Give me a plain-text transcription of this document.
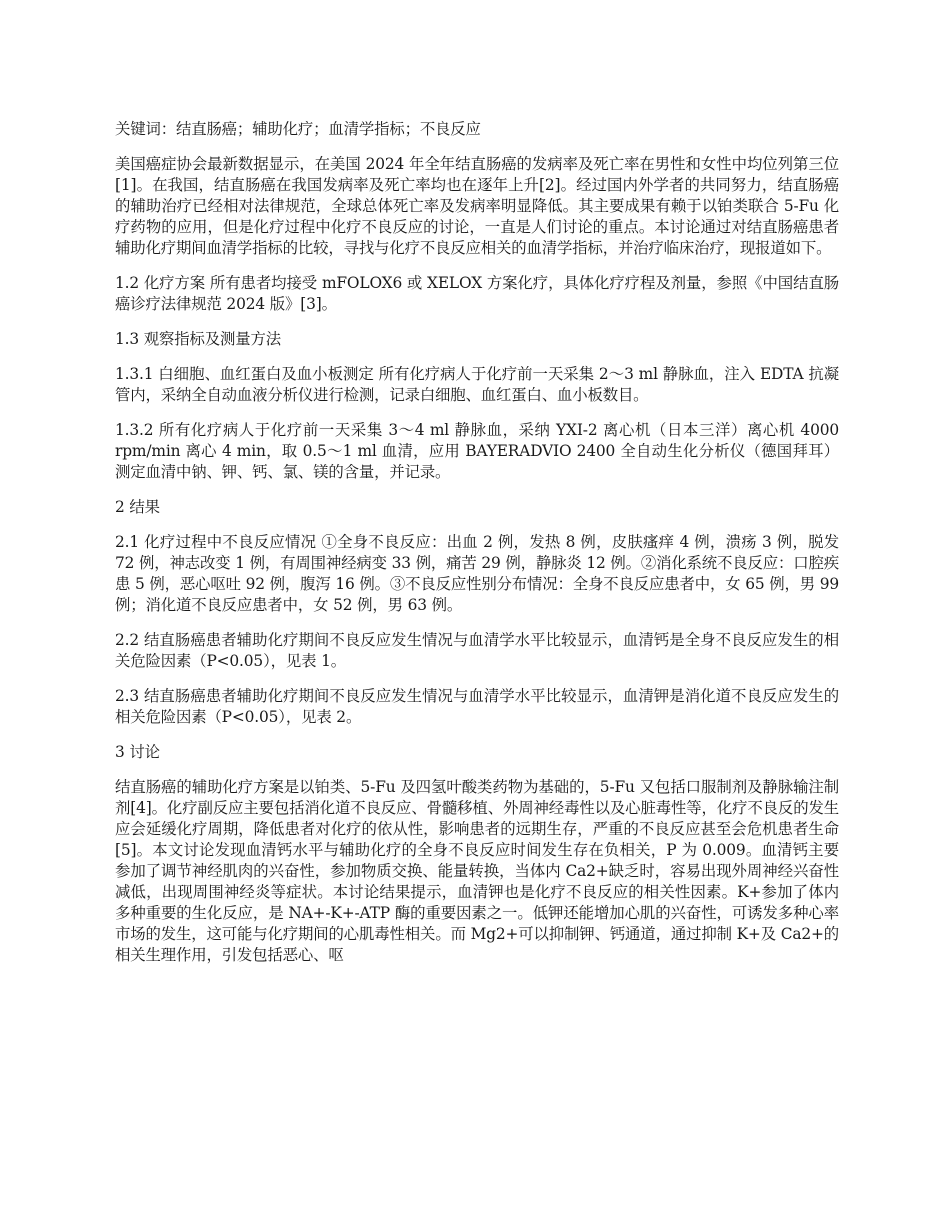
关键词：结直肠癌；辅助化疗；血清学指标；不良反应

美国癌症协会最新数据显示，在美国 2024 年全年结直肠癌的发病率及死亡率在男性和女性中均位列第三位[1]。在我国，结直肠癌在我国发病率及死亡率均也在逐年上升[2]。经过国内外学者的共同努力，结直肠癌的辅助治疗已经相对法律规范，全球总体死亡率及发病率明显降低。其主要成果有赖于以铂类联合 5-Fu 化疗药物的应用，但是化疗过程中化疗不良反应的讨论，一直是人们讨论的重点。本讨论通过对结直肠癌患者辅助化疗期间血清学指标的比较，寻找与化疗不良反应相关的血清学指标，并治疗临床治疗，现报道如下。

1.2 化疗方案 所有患者均接受 mFOLOX6 或 XELOX 方案化疗，具体化疗疗程及剂量，参照《中国结直肠癌诊疗法律规范 2024 版》[3]。

1.3 观察指标及测量方法

1.3.1 白细胞、血红蛋白及血小板测定 所有化疗病人于化疗前一天采集 2～3 ml 静脉血，注入 EDTA 抗凝管内，采纳全自动血液分析仪进行检测，记录白细胞、血红蛋白、血小板数目。

1.3.2 所有化疗病人于化疗前一天采集 3～4 ml 静脉血，采纳 YXI-2 离心机（日本三洋）离心机 4000 rpm/min 离心 4 min，取 0.5～1 ml 血清，应用 BAYERADVIO 2400 全自动生化分析仪（德国拜耳）测定血清中钠、钾、钙、氯、镁的含量，并记录。

2 结果

2.1 化疗过程中不良反应情况 ①全身不良反应：出血 2 例，发热 8 例，皮肤瘙痒 4 例，溃疡 3 例，脱发 72 例，神志改变 1 例，有周围神经病变 33 例，痛苦 29 例，静脉炎 12 例。②消化系统不良反应：口腔疾患 5 例，恶心呕吐 92 例，腹泻 16 例。③不良反应性别分布情况：全身不良反应患者中，女 65 例，男 99 例；消化道不良反应患者中，女 52 例，男 63 例。

2.2 结直肠癌患者辅助化疗期间不良反应发生情况与血清学水平比较显示，血清钙是全身不良反应发生的相关危险因素（P<0.05），见表 1。

2.3 结直肠癌患者辅助化疗期间不良反应发生情况与血清学水平比较显示，血清钾是消化道不良反应发生的相关危险因素（P<0.05），见表 2。

3 讨论

结直肠癌的辅助化疗方案是以铂类、5-Fu 及四氢叶酸类药物为基础的，5-Fu 又包括口服制剂及静脉输注制剂[4]。化疗副反应主要包括消化道不良反应、骨髓移植、外周神经毒性以及心脏毒性等，化疗不良反的发生应会延缓化疗周期，降低患者对化疗的依从性，影响患者的远期生存，严重的不良反应甚至会危机患者生命[5]。本文讨论发现血清钙水平与辅助化疗的全身不良反应时间发生存在负相关，P 为 0.009。血清钙主要参加了调节神经肌肉的兴奋性，参加物质交换、能量转换，当体内 Ca2+缺乏时，容易出现外周神经兴奋性减低，出现周围神经炎等症状。本讨论结果提示，血清钾也是化疗不良反应的相关性因素。K+参加了体内多种重要的生化反应，是 NA+-K+-ATP 酶的重要因素之一。低钾还能增加心肌的兴奋性，可诱发多种心率市场的发生，这可能与化疗期间的心肌毒性相关。而 Mg2+可以抑制钾、钙通道，通过抑制 K+及 Ca2+的相关生理作用，引发包括恶心、呕
